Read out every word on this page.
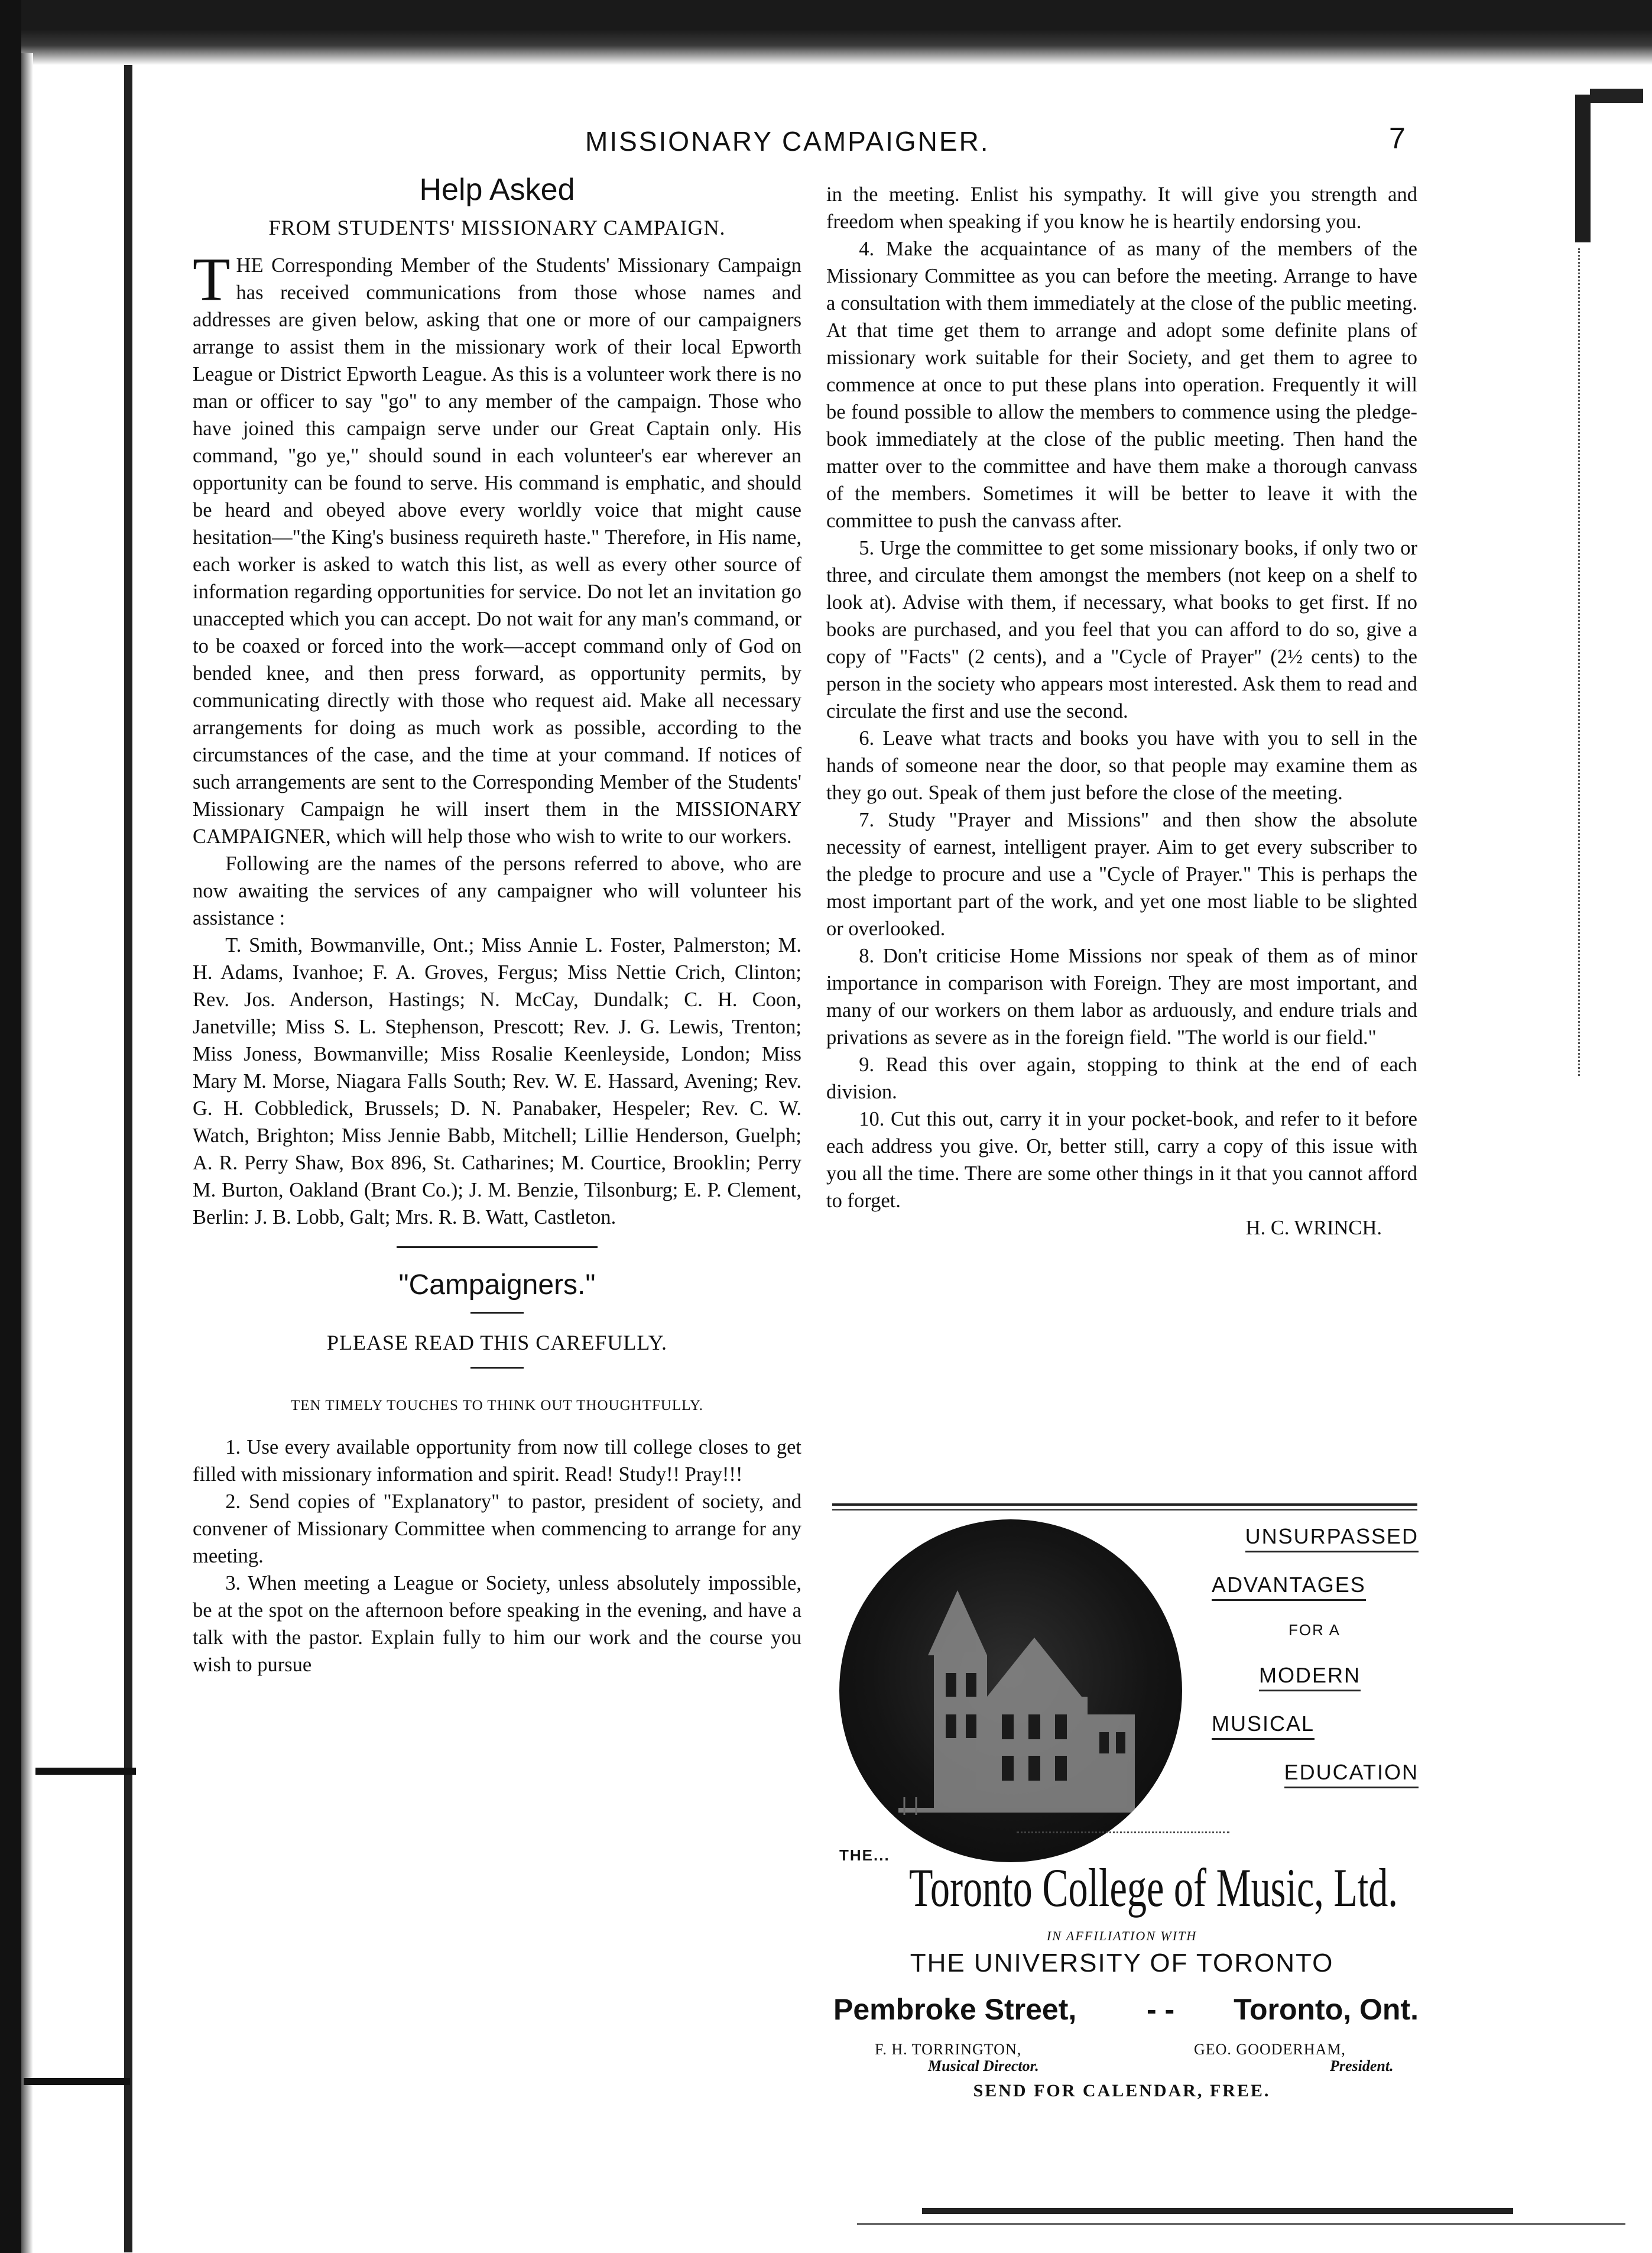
MISSIONARY CAMPAIGNER.	7
Help Asked
FROM STUDENTS' MISSIONARY CAMPAIGN.

THE Corresponding Member of the Students' Missionary Campaign has received communications from those whose names and addresses are given below, asking that one or more of our campaigners arrange to assist them in the missionary work of their local Epworth League or District Epworth League. As this is a volunteer work there is no man or officer to say "go" to any member of the campaign. Those who have joined this campaign serve under our Great Captain only. His command, "go ye," should sound in each volunteer's ear wherever an opportunity can be found to serve. His command is emphatic, and should be heard and obeyed above every worldly voice that might cause hesitation—"the King's business requireth haste." Therefore, in His name, each worker is asked to watch this list, as well as every other source of information regarding opportunities for service. Do not let an invitation go unaccepted which you can accept. Do not wait for any man's command, or to be coaxed or forced into the work—accept command only of God on bended knee, and then press forward, as opportunity permits, by communicating directly with those who request aid. Make all necessary arrangements for doing as much work as possible, according to the circumstances of the case, and the time at your command. If notices of such arrangements are sent to the Corresponding Member of the Students' Missionary Campaign he will insert them in the MISSIONARY CAMPAIGNER, which will help those who wish to write to our workers.

Following are the names of the persons referred to above, who are now awaiting the services of any campaigner who will volunteer his assistance :

T. Smith, Bowmanville, Ont.; Miss Annie L. Foster, Palmerston; M. H. Adams, Ivanhoe; F. A. Groves, Fergus; Miss Nettie Crich, Clinton; Rev. Jos. Anderson, Hastings; N. McCay, Dundalk; C. H. Coon, Janetville; Miss S. L. Stephenson, Prescott; Rev. J. G. Lewis, Trenton; Miss Joness, Bowmanville; Miss Rosalie Keenleyside, London; Miss Mary M. Morse, Niagara Falls South; Rev. W. E. Hassard, Avening; Rev. G. H. Cobbledick, Brussels; D. N. Panabaker, Hespeler; Rev. C. W. Watch, Brighton; Miss Jennie Babb, Mitchell; Lillie Henderson, Guelph; A. R. Perry Shaw, Box 896, St. Catharines; M. Courtice, Brooklin; Perry M. Burton, Oakland (Brant Co.); J. M. Benzie, Tilsonburg; E. P. Clement, Berlin: J. B. Lobb, Galt; Mrs. R. B. Watt, Castleton.

"Campaigners."
PLEASE READ THIS CAREFULLY.
TEN TIMELY TOUCHES TO THINK OUT THOUGHTFULLY.

1. Use every available opportunity from now till college closes to get filled with missionary information and spirit. Read! Study!! Pray!!!

2. Send copies of "Explanatory" to pastor, president of society, and convener of Missionary Committee when commencing to arrange for any meeting.

3. When meeting a League or Society, unless absolutely impossible, be at the spot on the afternoon before speaking in the evening, and have a talk with the pastor. Explain fully to him our work and the course you wish to pursue

in the meeting. Enlist his sympathy. It will give you strength and freedom when speaking if you know he is heartily endorsing you.

4. Make the acquaintance of as many of the members of the Missionary Committee as you can before the meeting. Arrange to have a consultation with them immediately at the close of the public meeting. At that time get them to arrange and adopt some definite plans of missionary work suitable for their Society, and get them to agree to commence at once to put these plans into operation. Frequently it will be found possible to allow the members to commence using the pledge-book immediately at the close of the public meeting. Then hand the matter over to the committee and have them make a thorough canvass of the members. Sometimes it will be better to leave it with the committee to push the canvass after.

5. Urge the committee to get some missionary books, if only two or three, and circulate them amongst the members (not keep on a shelf to look at). Advise with them, if necessary, what books to get first. If no books are purchased, and you feel that you can afford to do so, give a copy of "Facts" (2 cents), and a "Cycle of Prayer" (2½ cents) to the person in the society who appears most interested. Ask them to read and circulate the first and use the second.

6. Leave what tracts and books you have with you to sell in the hands of someone near the door, so that people may examine them as they go out. Speak of them just before the close of the meeting.

7. Study "Prayer and Missions" and then show the absolute necessity of earnest, intelligent prayer. Aim to get every subscriber to the pledge to procure and use a "Cycle of Prayer." This is perhaps the most important part of the work, and yet one most liable to be slighted or overlooked.

8. Don't criticise Home Missions nor speak of them as of minor importance in comparison with Foreign. They are most important, and many of our workers on them labor as arduously, and endure trials and privations as severe as in the foreign field. "The world is our field."

9. Read this over again, stopping to think at the end of each division.

10. Cut this out, carry it in your pocket-book, and refer to it before each address you give. Or, better still, carry a copy of this issue with you all the time. There are some other things in it that you cannot afford to forget.

H. C. WRINCH.

UNSURPASSED
ADVANTAGES
FOR A
MODERN
MUSICAL
EDUCATION
THE...
Toronto College of Music, Ltd.
IN AFFILIATION WITH
THE UNIVERSITY OF TORONTO
Pembroke Street, - - Toronto, Ont.
F. H. TORRINGTON,
Musical Director.
GEO. GOODERHAM,
President.
SEND FOR CALENDAR, FREE.
